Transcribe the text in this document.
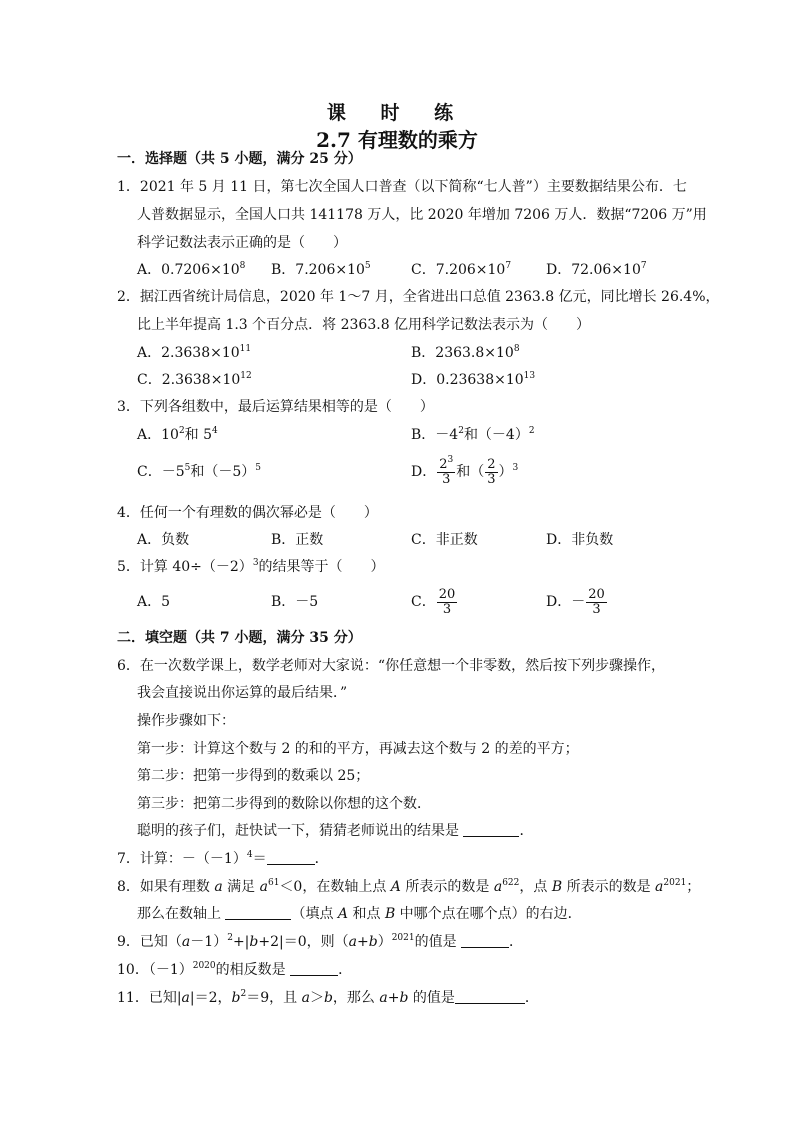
课 时 练
2.7 有理数的乘方
一．选择题（共 5 小题，满分 25 分）
1．2021 年 5 月 11 日，第七次全国人口普查（以下简称“七人普”）主要数据结果公布．七
人普数据显示，全国人口共 141178 万人，比 2020 年增加 7206 万人．数据“7206 万”用
科学记数法表示正确的是（　　）
A．$0.7206\times 10^8$ B．$7.206\times 10^5$	C．$7.206\times 10^7$ D．$72.06\times 10^7$
2．据江西省统计局信息，2020 年 1～7 月，全省进出口总值 2363.8 亿元，同比增长 26.4%，
比上半年提高 1.3 个百分点．将 2363.8 亿用科学记数法表示为（　　）
A．$2.3638\times 10^{11}$	B．$2363.8\times 10^8$
C．$2.3638\times 10^{12}$	D．$0.23638\times 10^{13}$
3．下列各组数中，最后运算结果相等的是（　　）
A．$10^2$和 $5^4$	B．$-4^2$和$(-4)^2$
C．$-5^5$和$(-5)^5$	D． $\frac{2^3}{3}$ 和（ $\frac{2}{3} )^3$
4．任何一个有理数的偶次幂必是（　　）
A．负数	B．正数	C．非正数	D．非负数
5．计算 $40\div(-2)^3$的结果等于（　　）
A．5	B．－5	C． $\frac{20}{3}$	D．－ $\frac{20}{3}$
二．填空题（共 7 小题，满分 35 分）
6．在一次数学课上，数学老师对大家说：“你任意想一个非零数，然后按下列步骤操作，
我会直接说出你运算的最后结果．”
操作步骤如下：
第一步：计算这个数与 2 的和的平方，再减去这个数与 2 的差的平方；
第二步：把第一步得到的数乘以 25；
第三步：把第二步得到的数除以你想的这个数．
聪明的孩子们，赶快试一下，猜猜老师说出的结果是	．
7．计算：$-(-1)^4=$	．
8．如果有理数 a 满足 $a^{61}<0$，在数轴上点 A 所表示的数是 $a^{622}$，点 B 所表示的数是 $a^{2021}$；
那么在数轴上	（填点 A 和点 B 中哪个点在哪个点）的右边．
9．已知$(a-1)^2+|b+2|=0$，则$(a+b)^{2021}$的值是	．
10．$(-1)^{2020}$的相反数是	．
11．已知|a|＝2，$b^2=9$，且 a＞b，那么 a+b 的值是	．
